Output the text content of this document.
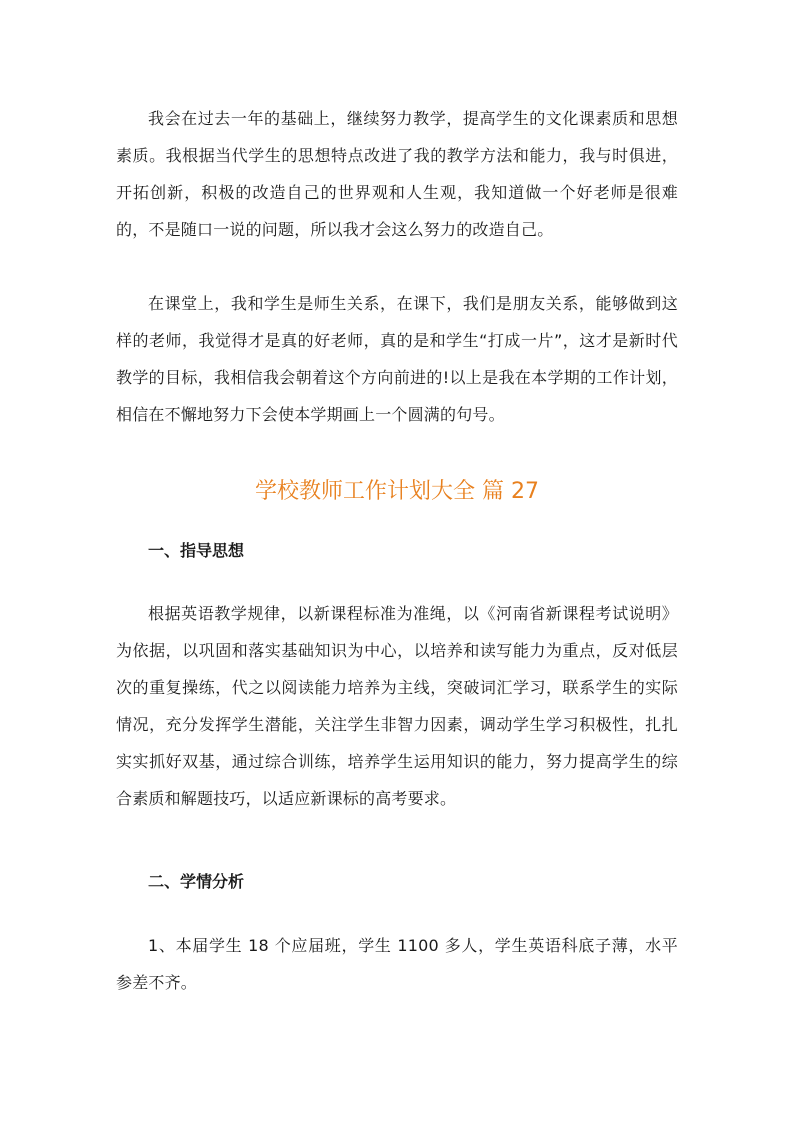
我会在过去一年的基础上，继续努力教学，提高学生的文化课素质和思想素质。我根据当代学生的思想特点改进了我的教学方法和能力，我与时俱进，开拓创新，积极的改造自己的世界观和人生观，我知道做一个好老师是很难的，不是随口一说的问题，所以我才会这么努力的改造自己。

在课堂上，我和学生是师生关系，在课下，我们是朋友关系，能够做到这样的老师，我觉得才是真的好老师，真的是和学生“打成一片”，这才是新时代教学的目标，我相信我会朝着这个方向前进的!以上是我在本学期的工作计划，相信在不懈地努力下会使本学期画上一个圆满的句号。

学校教师工作计划大全 篇 27
一、指导思想

根据英语教学规律，以新课程标准为准绳，以《河南省新课程考试说明》为依据，以巩固和落实基础知识为中心，以培养和读写能力为重点，反对低层次的重复操练，代之以阅读能力培养为主线，突破词汇学习，联系学生的实际情况，充分发挥学生潜能，关注学生非智力因素，调动学生学习积极性，扎扎实实抓好双基，通过综合训练，培养学生运用知识的能力，努力提高学生的综合素质和解题技巧，以适应新课标的高考要求。

二、学情分析

1、本届学生 18 个应届班，学生 1100 多人，学生英语科底子薄，水平参差不齐。
